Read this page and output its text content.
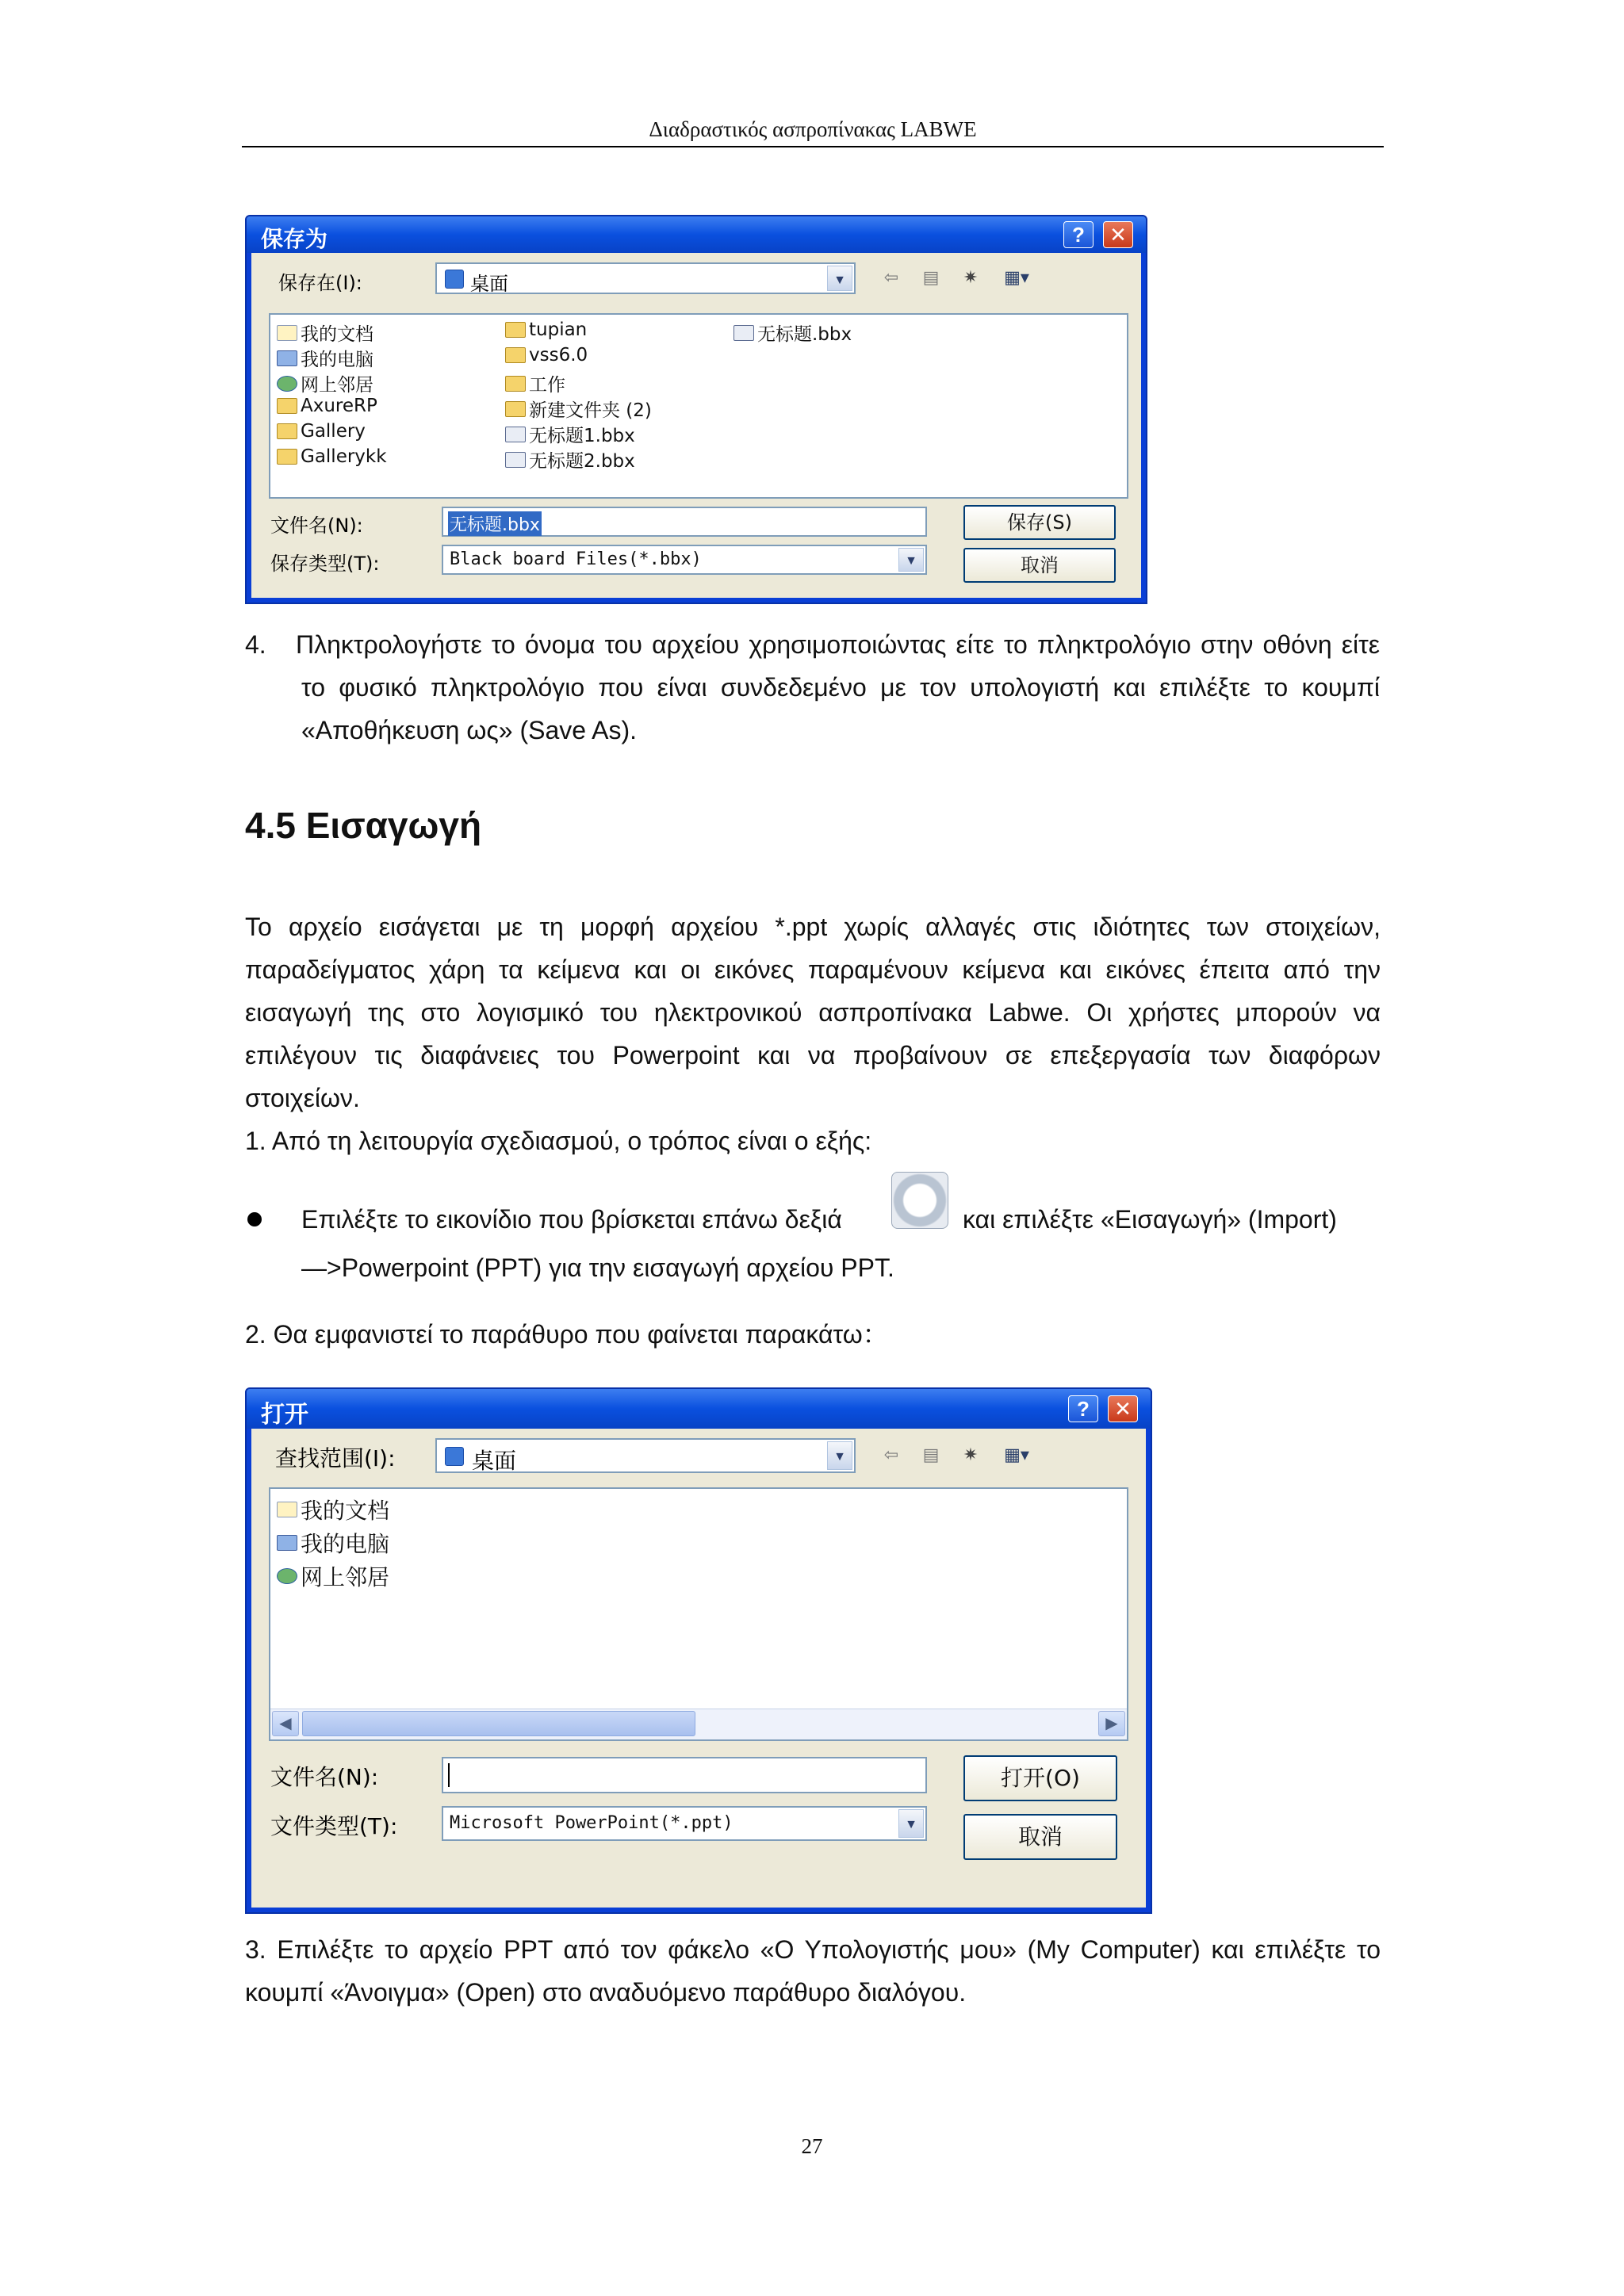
Διαδραστικός ασπροπίνακας LABWE
保存为	?	✕
保存在(I):	桌面	▼	⇦	▤	✷	▦▾
我的文档
我的电脑
网上邻居
AxureRP
Gallery
Gallerykk
tupian
vss6.0
工作
新建文件夹 (2)
无标题1.bbx
无标题2.bbx
无标题.bbx
文件名(N):	无标题.bbx
保存类型(T):	Black board Files(*.bbx)	▼
保存(S)
取消
4. Πληκτρολογήστε το όνομα του αρχείου χρησιμοποιώντας είτε το πληκτρολόγιο στην οθόνη είτε το φυσικό πληκτρολόγιο που είναι συνδεδεμένο με τον υπολογιστή και επιλέξτε το κουμπί «Αποθήκευση ως» (Save As).
4.5 Εισαγωγή
Το αρχείο εισάγεται με τη μορφή αρχείου *.ppt χωρίς αλλαγές στις ιδιότητες των στοιχείων, παραδείγματος χάρη τα κείμενα και οι εικόνες παραμένουν κείμενα και εικόνες έπειτα από την εισαγωγή της στο λογισμικό του ηλεκτρονικού ασπροπίνακα Labwe. Οι χρήστες μπορούν να επιλέγουν τις διαφάνειες του Powerpoint και να προβαίνουν σε επεξεργασία των διαφόρων στοιχείων.
1. Από τη λειτουργία σχεδιασμού, ο τρόπος είναι ο εξής:
Επιλέξτε το εικονίδιο που βρίσκεται επάνω δεξιά	και επιλέξτε «Εισαγωγή» (Import)
—>Powerpoint (PPT) για την εισαγωγή αρχείου PPT.
2. Θα εμφανιστεί το παράθυρο που φαίνεται παρακάτω：
打开	?	✕
查找范围(I):	桌面	▼	⇦	▤	✷	▦▾
我的文档
我的电脑
网上邻居
◀	▶
文件名(N):
文件类型(T):	Microsoft PowerPoint(*.ppt)	▼
打开(O)
取消
3. Επιλέξτε το αρχείο PPT από τον φάκελο «Ο Υπολογιστής μου» (My Computer) και επιλέξτε το κουμπί «Άνοιγμα» (Open) στο αναδυόμενο παράθυρο διαλόγου.
27
